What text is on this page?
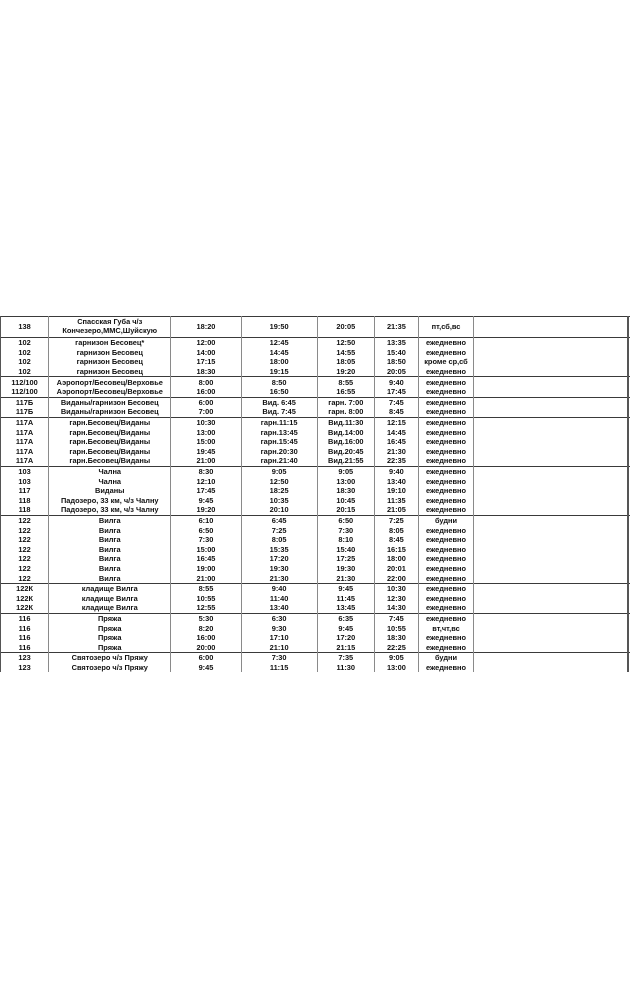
138	Спасская Губа ч/з Кончезеро,ММС,Шуйскую	18:20	19:50	20:05	21:35	пт,сб,вс	
102	гарнизон Бесовец*	12:00	12:45	12:50	13:35	ежедневно	
102	гарнизон Бесовец	14:00	14:45	14:55	15:40	ежедневно	
102	гарнизон Бесовец	17:15	18:00	18:05	18:50	кроме ср,сб	
102	гарнизон Бесовец	18:30	19:15	19:20	20:05	ежедневно	
112/100	Аэропорт/Бесовец/Верховье	8:00	8:50	8:55	9:40	ежедневно	
112/100	Аэропорт/Бесовец/Верховье	16:00	16:50	16:55	17:45	ежедневно	
117Б	Виданы/гарнизон Бесовец	6:00	Вид. 6:45	гарн. 7:00	7:45	ежедневно	
117Б	Виданы/гарнизон Бесовец	7:00	Вид. 7:45	гарн. 8:00	8:45	ежедневно	
117А	гарн.Бесовец/Виданы	10:30	гарн.11:15	Вид.11:30	12:15	ежедневно	
117А	гарн.Бесовец/Виданы	13:00	гарн.13:45	Вид.14:00	14:45	ежедневно	
117А	гарн.Бесовец/Виданы	15:00	гарн.15:45	Вид.16:00	16:45	ежедневно	
117А	гарн.Бесовец/Виданы	19:45	гарн.20:30	Вид.20:45	21:30	ежедневно	
117А	гарн.Бесовец/Виданы	21:00	гарн.21:40	Вид.21:55	22:35	ежедневно	
103	Чална	8:30	9:05	9:05	9:40	ежедневно	
103	Чална	12:10	12:50	13:00	13:40	ежедневно	
117	Виданы	17:45	18:25	18:30	19:10	ежедневно	
118	Падозеро, 33 км, ч/з Чалну	9:45	10:35	10:45	11:35	ежедневно	
118	Падозеро, 33 км, ч/з Чалну	19:20	20:10	20:15	21:05	ежедневно	
122	Вилга	6:10	6:45	6:50	7:25	будни	
122	Вилга	6:50	7:25	7:30	8:05	ежедневно	
122	Вилга	7:30	8:05	8:10	8:45	ежедневно	
122	Вилга	15:00	15:35	15:40	16:15	ежедневно	
122	Вилга	16:45	17:20	17:25	18:00	ежедневно	
122	Вилга	19:00	19:30	19:30	20:01	ежедневно	
122	Вилга	21:00	21:30	21:30	22:00	ежедневно	
122К	кладище Вилга	8:55	9:40	9:45	10:30	ежедневно	
122К	кладище Вилга	10:55	11:40	11:45	12:30	ежедневно	
122К	кладище Вилга	12:55	13:40	13:45	14:30	ежедневно	
116	Пряжа	5:30	6:30	6:35	7:45	ежедневно	
116	Пряжа	8:20	9:30	9:45	10:55	вт,чт,вс	
116	Пряжа	16:00	17:10	17:20	18:30	ежедневно	
116	Пряжа	20:00	21:10	21:15	22:25	ежедневно	
123	Святозеро ч/з Пряжу	6:00	7:30	7:35	9:05	будни	
123	Святозеро ч/з Пряжу	9:45	11:15	11:30	13:00	ежедневно	
